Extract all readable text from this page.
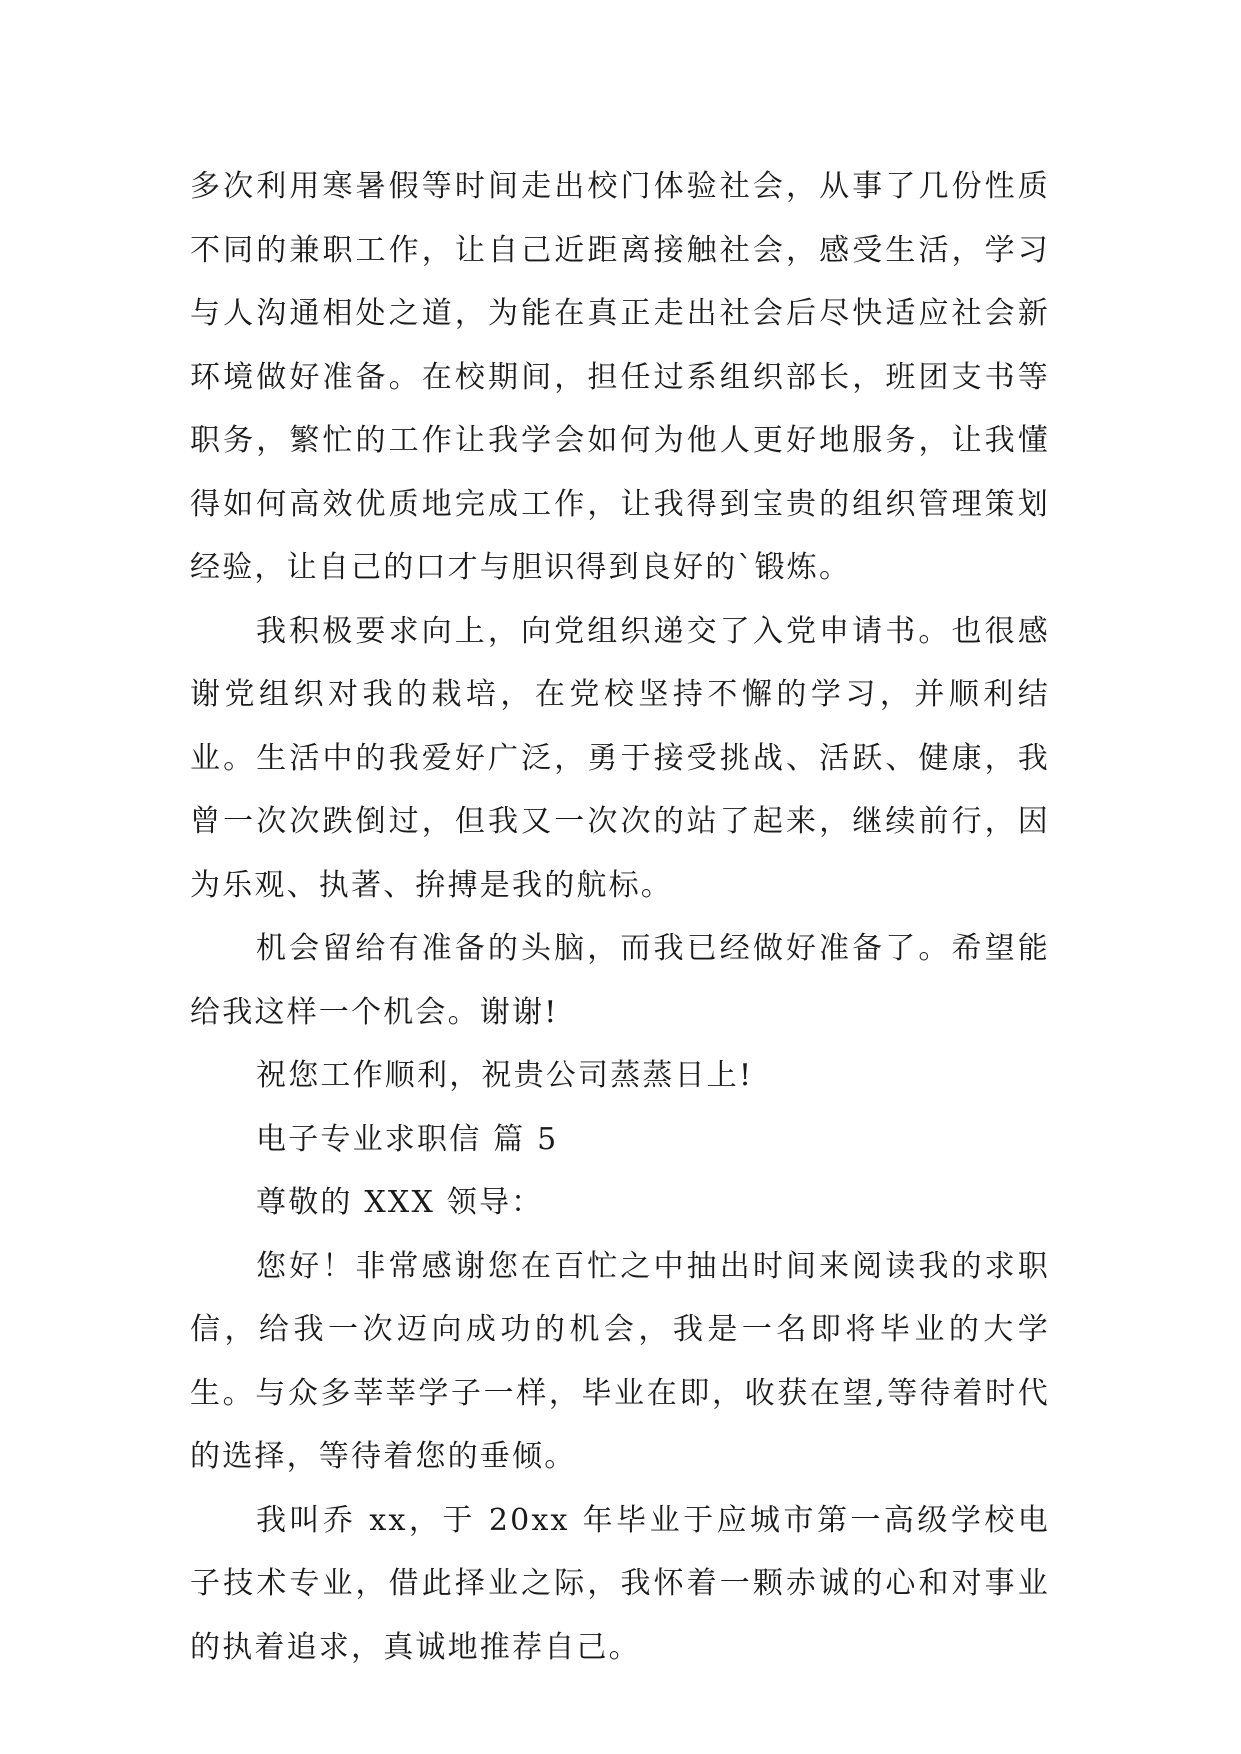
多次利用寒暑假等时间走出校门体验社会，从事了几份性质不同的兼职工作，让自己近距离接触社会，感受生活，学习与人沟通相处之道，为能在真正走出社会后尽快适应社会新环境做好准备。在校期间，担任过系组织部长，班团支书等职务，繁忙的工作让我学会如何为他人更好地服务，让我懂得如何高效优质地完成工作，让我得到宝贵的组织管理策划经验，让自己的口才与胆识得到良好的`锻炼。

我积极要求向上，向党组织递交了入党申请书。也很感谢党组织对我的栽培，在党校坚持不懈的学习，并顺利结业。生活中的我爱好广泛，勇于接受挑战、活跃、健康，我曾一次次跌倒过，但我又一次次的站了起来，继续前行，因为乐观、执著、拚搏是我的航标。

机会留给有准备的头脑，而我已经做好准备了。希望能给我这样一个机会。谢谢!

祝您工作顺利，祝贵公司蒸蒸日上!

电子专业求职信 篇 5

尊敬的 XXX 领导：

您好！非常感谢您在百忙之中抽出时间来阅读我的求职信，给我一次迈向成功的机会，我是一名即将毕业的大学生。与众多莘莘学子一样，毕业在即，收获在望,等待着时代的选择，等待着您的垂倾。

我叫乔 xx，于 20xx 年毕业于应城市第一高级学校电子技术专业，借此择业之际，我怀着一颗赤诚的心和对事业的执着追求，真诚地推荐自己。
